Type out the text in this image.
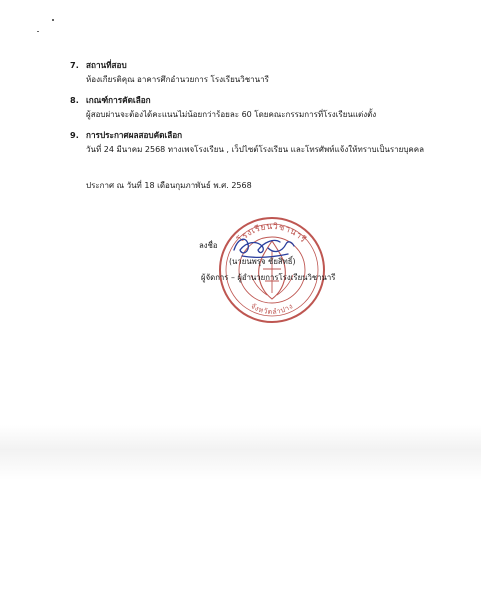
7. สถานที่สอบ
ห้องเกียรติคุณ อาคารศึกอำนวยการ โรงเรียนวิชานารี
8. เกณฑ์การคัดเลือก
ผู้สอบผ่านจะต้องได้คะแนนไม่น้อยกว่าร้อยละ 60 โดยคณะกรรมการที่โรงเรียนแต่งตั้ง
9. การประกาศผลสอบคัดเลือก
วันที่ 24 มีนาคม 2568 ทางเพจโรงเรียน , เว็ปไซต์โรงเรียน และโทรศัพท์แจ้งให้ทราบเป็นรายบุคคล
ประกาศ ณ วันที่ 18 เดือนกุมภาพันธ์ พ.ศ. 2568
โรงเรียนวิชานารี
จังหวัดลำปาง
ลงชื่อ
(นายนพรุจ ชัยสิทธิ์)
ผู้จัดการ – ผู้อำนวยการโรงเรียนวิชานารี
